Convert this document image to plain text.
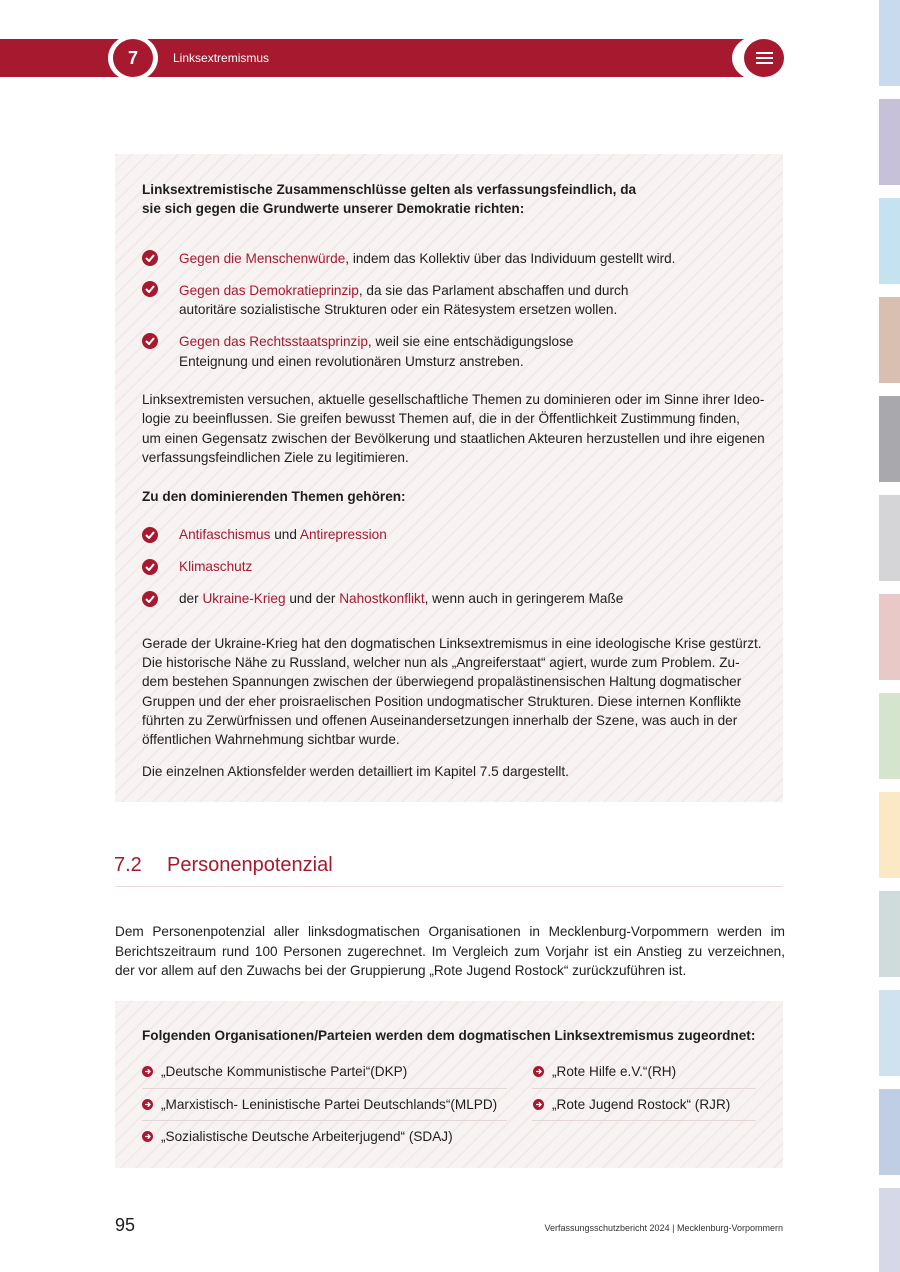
7	Linksextremismus
Linksextremistische Zusammenschlüsse gelten als verfassungsfeindlich, da
sie sich gegen die Grundwerte unserer Demokratie richten:
Gegen die Menschenwürde, indem das Kollektiv über das Individuum gestellt wird.
Gegen das Demokratieprinzip, da sie das Parlament abschaffen und durch
autoritäre sozialistische Strukturen oder ein Rätesystem ersetzen wollen.
Gegen das Rechtsstaatsprinzip, weil sie eine entschädigungslose
Enteignung und einen revolutionären Umsturz anstreben.
Linksextremisten versuchen, aktuelle gesellschaftliche Themen zu dominieren oder im Sinne ihrer Ideo-
logie zu beeinflussen. Sie greifen bewusst Themen auf, die in der Öffentlichkeit Zustimmung finden,
um einen Gegensatz zwischen der Bevölkerung und staatlichen Akteuren herzustellen und ihre eigenen
verfassungsfeindlichen Ziele zu legitimieren.
Zu den dominierenden Themen gehören:
Antifaschismus und Antirepression
Klimaschutz
der Ukraine-Krieg und der Nahostkonflikt, wenn auch in geringerem Maße
Gerade der Ukraine-Krieg hat den dogmatischen Linksextremismus in eine ideologische Krise gestürzt.
Die historische Nähe zu Russland, welcher nun als „Angreiferstaat“ agiert, wurde zum Problem. Zu-
dem bestehen Spannungen zwischen der überwiegend propalästinensischen Haltung dogmatischer
Gruppen und der eher proisraelischen Position undogmatischer Strukturen. Diese internen Konflikte
führten zu Zerwürfnissen und offenen Auseinandersetzungen innerhalb der Szene, was auch in der
öffentlichen Wahrnehmung sichtbar wurde.
Die einzelnen Aktionsfelder werden detailliert im Kapitel 7.5 dargestellt.
7.2 Personenpotenzial
Dem Personenpotenzial aller linksdogmatischen Organisationen in Mecklenburg-Vorpommern werden im
Berichtszeitraum rund 100 Personen zugerechnet. Im Vergleich zum Vorjahr ist ein Anstieg zu verzeichnen,
der vor allem auf den Zuwachs bei der Gruppierung „Rote Jugend Rostock“ zurückzuführen ist.
Folgenden Organisationen/Parteien werden dem dogmatischen Linksextremismus zugeordnet:
„Deutsche Kommunistische Partei“(DKP)
„Marxistisch- Leninistische Partei Deutschlands“(MLPD)
„Sozialistische Deutsche Arbeiterjugend“ (SDAJ)
„Rote Hilfe e.V.“(RH)
„Rote Jugend Rostock“ (RJR)
95	Verfassungsschutzbericht 2024 | Mecklenburg-Vorpommern
